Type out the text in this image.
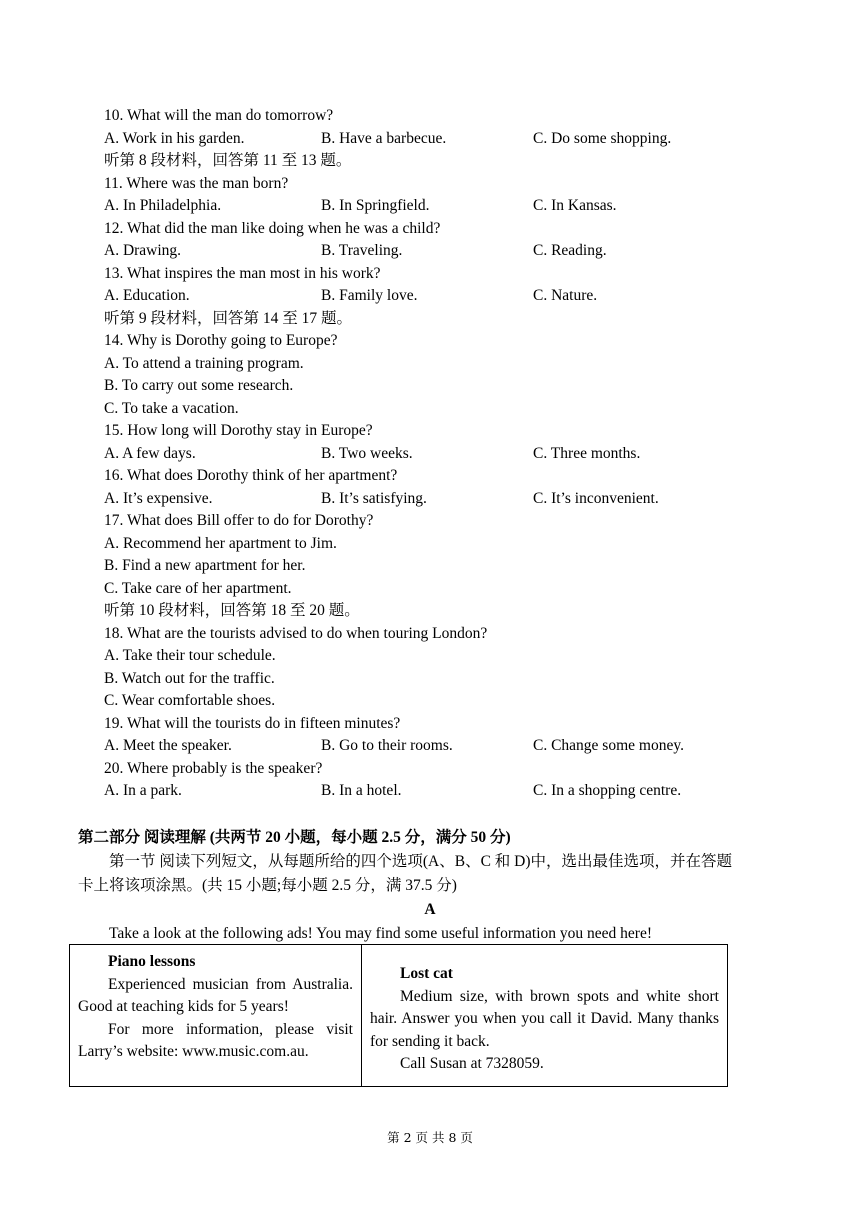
10. What will the man do tomorrow?
A. Work in his garden.	B. Have a barbecue.	C. Do some shopping.
听第 8 段材料，回答第 11 至 13 题。
11. Where was the man born?
A. In Philadelphia.	B. In Springfield.	C. In Kansas.
12. What did the man like doing when he was a child?
A. Drawing.	B. Traveling.	C. Reading.
13. What inspires the man most in his work?
A. Education.	B. Family love.	C. Nature.
听第 9 段材料，回答第 14 至 17 题。
14. Why is Dorothy going to Europe?
A. To attend a training program.
B. To carry out some research.
C. To take a vacation.
15. How long will Dorothy stay in Europe?
A. A few days.	B. Two weeks.	C. Three months.
16. What does Dorothy think of her apartment?
A. It’s expensive.	B. It’s satisfying.	C. It’s inconvenient.
17. What does Bill offer to do for Dorothy?
A. Recommend her apartment to Jim.
B. Find a new apartment for her.
C. Take care of her apartment.
听第 10 段材料，回答第 18 至 20 题。
18. What are the tourists advised to do when touring London?
A. Take their tour schedule.
B. Watch out for the traffic.
C. Wear comfortable shoes.
19. What will the tourists do in fifteen minutes?
A. Meet the speaker.	B. Go to their rooms.	C. Change some money.
20. Where probably is the speaker?
A. In a park.	B. In a hotel.	C. In a shopping centre.
第二部分 阅读理解 (共两节 20 小题，每小题 2.5 分，满分 50 分)
第一节 阅读下列短文，从每题所给的四个选项(A、B、C 和 D)中，选出最佳选项，并在答题
卡上将该项涂黑。(共 15 小题;每小题 2.5 分，满 37.5 分)
A
Take a look at the following ads! You may find some useful information you need here!
Piano lessons
Experienced musician from Australia. Good at teaching kids for 5 years!
For more information, please visit Larry’s website: www.music.com.au.

Lost cat
Medium size, with brown spots and white short hair. Answer you when you call it David. Many thanks for sending it back.
Call Susan at 7328059.
第 2 页 共 8 页
